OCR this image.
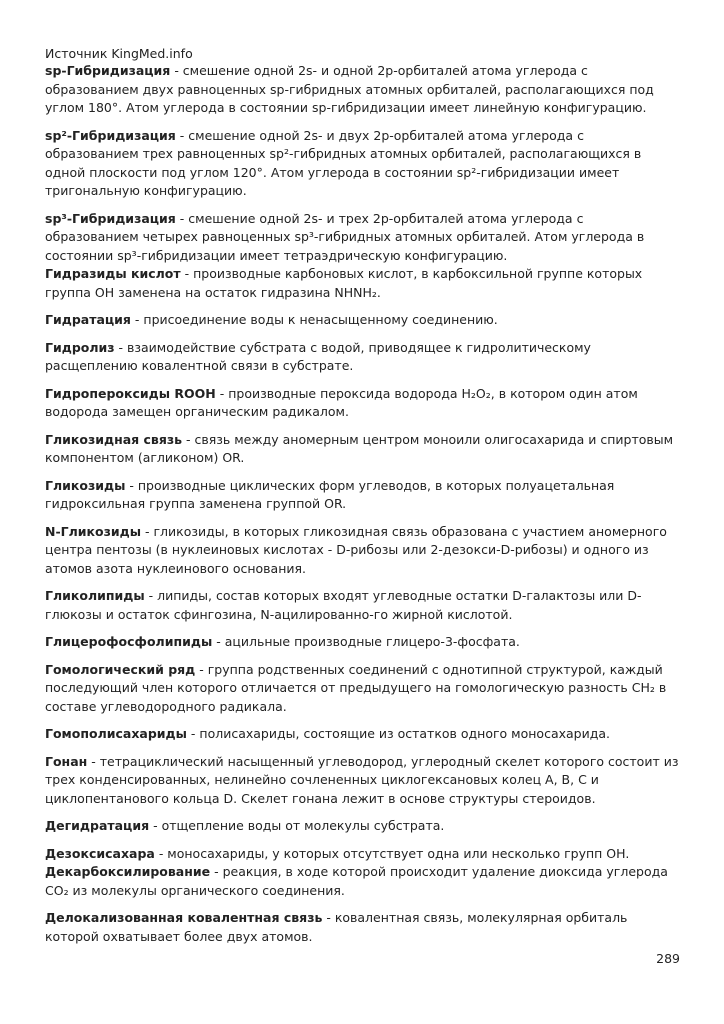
Источник KingMed.info

sp-Гибридизация - смешение одной 2s- и одной 2p-орбиталей атома углерода с образованием двух равноценных sp-гибридных атомных орбиталей, располагающихся под углом 180°. Атом углерода в состоянии sp-гибридизации имеет линейную конфигурацию.

sp²-Гибридизация - смешение одной 2s- и двух 2p-орбиталей атома углерода с образованием трех равноценных sp²-гибридных атомных орбиталей, располагающихся в одной плоскости под углом 120°. Атом углерода в состоянии sp²-гибридизации имеет тригональную конфигурацию.

sp³-Гибридизация - смешение одной 2s- и трех 2p-орбиталей атома углерода с образованием четырех равноценных sp³-гибридных атомных орбиталей. Атом углерода в состоянии sp³-гибридизации имеет тетраэдрическую конфигурацию.

Гидразиды кислот - производные карбоновых кислот, в карбоксильной группе которых группа OH заменена на остаток гидразина NHNH₂.

Гидратация - присоединение воды к ненасыщенному соединению.

Гидролиз - взаимодействие субстрата с водой, приводящее к гидролитическому расщеплению ковалентной связи в субстрате.

Гидропероксиды ROOH - производные пероксида водорода H₂O₂, в котором один атом водорода замещен органическим радикалом.

Гликозидная связь - связь между аномерным центром моноили олигосахарида и спиртовым компонентом (агликоном) OR.

Гликозиды - производные циклических форм углеводов, в которых полуацетальная гидроксильная группа заменена группой OR.

N-Гликозиды - гликозиды, в которых гликозидная связь образована с участием аномерного центра пентозы (в нуклеиновых кислотах - D-рибозы или 2-дезокси-D-рибозы) и одного из атомов азота нуклеинового основания.

Гликолипиды - липиды, состав которых входят углеводные остатки D-галактозы или D-глюкозы и остаток сфингозина, N-ацилированно-го жирной кислотой.

Глицерофосфолипиды - ацильные производные глицеро-3-фосфата.

Гомологический ряд - группа родственных соединений с однотипной структурой, каждый последующий член которого отличается от предыдущего на гомологическую разность CH₂ в составе углеводородного радикала.

Гомополисахариды - полисахариды, состоящие из остатков одного моносахарида.

Гонан - тетрациклический насыщенный углеводород, углеродный скелет которого состоит из трех конденсированных, нелинейно сочлененных циклогексановых колец А, В, С и циклопентанового кольца D. Скелет гонана лежит в основе структуры стероидов.

Дегидратация - отщепление воды от молекулы субстрата.

Дезоксисахара - моносахариды, у которых отсутствует одна или несколько групп OH.

Декарбоксилирование - реакция, в ходе которой происходит удаление диоксида углерода CO₂ из молекулы органического соединения.

Делокализованная ковалентная связь - ковалентная связь, молекулярная орбиталь которой охватывает более двух атомов.

289
